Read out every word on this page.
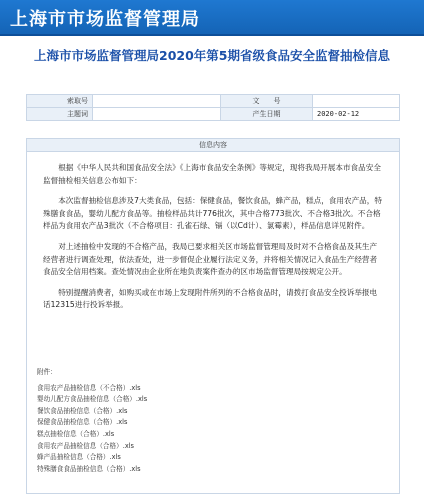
上海市市场监督管理局
上海市市场监督管理局2020年第5期省级食品安全监督抽检信息
索取号		文　　号	
主题词		产生日期	2020-02-12
信息内容

根据《中华人民共和国食品安全法》《上海市食品安全条例》等规定，现将我局开展本市食品安全监督抽检相关信息公布如下：

本次监督抽检信息涉及7大类食品，包括：保健食品，餐饮食品，蜂产品，糕点，食用农产品，特殊膳食食品，婴幼儿配方食品等。抽检样品共计776批次，其中合格773批次、不合格3批次。不合格样品为食用农产品3批次（不合格项目：孔雀石绿、镉（以Cd计）、氯霉素），样品信息详见附件。

对上述抽检中发现的不合格产品，我局已要求相关区市场监督管理局及时对不合格食品及其生产经营者进行调查处理，依法查处，进一步督促企业履行法定义务，并将相关情况记入食品生产经营者食品安全信用档案。查处情况由企业所在地负责案件查办的区市场监督管理局按规定公开。

特别提醒消费者，如购买或在市场上发现附件所列的不合格食品时，请拨打食品安全投诉举报电话12315进行投诉举报。

附件：
食用农产品抽检信息（不合格）.xls
婴幼儿配方食品抽检信息（合格）.xls
餐饮食品抽检信息（合格）.xls
保健食品抽检信息（合格）.xls
糕点抽检信息（合格）.xls
食用农产品抽检信息（合格）.xls
蜂产品抽检信息（合格）.xls
特殊膳食食品抽检信息（合格）.xls
